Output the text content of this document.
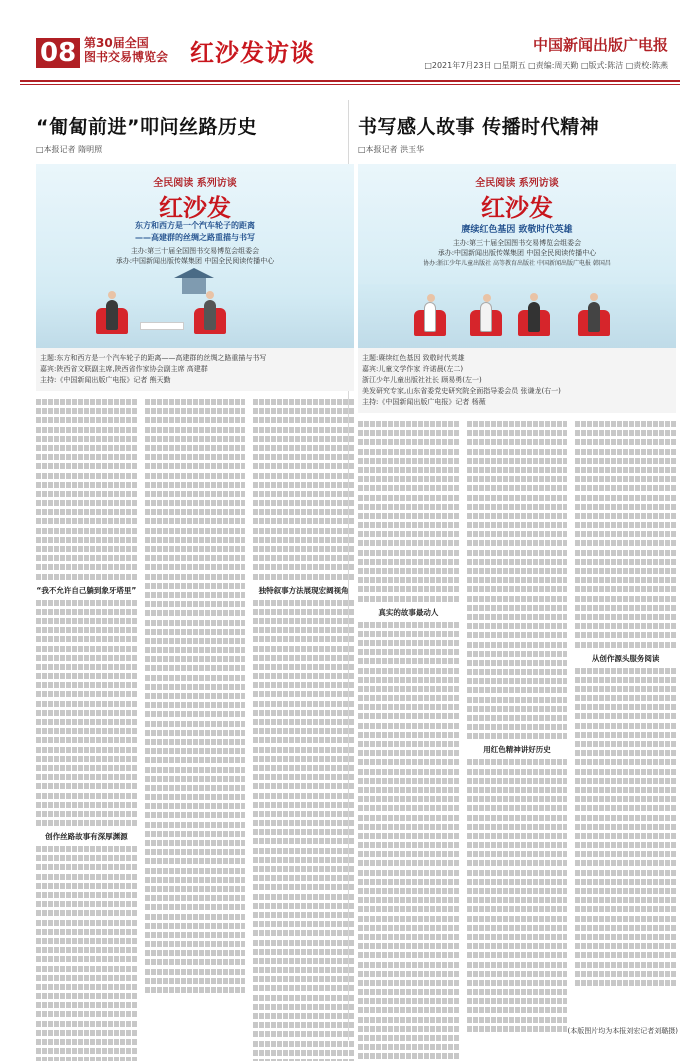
08 第30届全国
图书交易博览会 红沙发访谈	中国新闻出版广电报
□2021年7月23日 □星期五 □责编:周天勤 □版式:陈洁 □责校:陈燕
“匍匐前进”叩问丝路历史
□本报记者 隋明照
全民阅读 系列访谈
红沙发
东方和西方是一个汽车轮子的距离
——高建群的丝绸之路重描与书写
主办:第三十届全国图书交易博览会组委会
承办:中国新闻出版传媒集团 中国全民阅读传播中心
主题:东方和西方是一个汽车轮子的距离——高建群的丝绸之路重描与书写
嘉宾:陕西省文联副主席,陕西省作家协会副主席 高建群
主持:《中国新闻出版广电报》记者 熊天勤
“我不允许自己躺到象牙塔里”
创作丝路故事有深厚渊源
独特叙事方法展现宏阔视角
书写感人故事 传播时代精神
□本报记者 洪玉华
全民阅读 系列访谈
红沙发
赓续红色基因 致敬时代英雄
主办:第三十届全国图书交易博览会组委会
承办:中国新闻出版传媒集团 中国全民阅读传播中心
协办:浙江少年儿童出版社 高等教育出版社 中国新闻出版广电报 韩国昌
主题:赓续红色基因 致敬时代英雄
嘉宾:儿童文学作家 许诺晨(左二)
浙江少年儿童出版社社长 顾易勇(左一)
美发研究专家,山东省委党史研究院全面指导委会员 张谦龙(右一)
主持:《中国新闻出版广电报》记者 杨薇
真实的故事最动人
用红色精神讲好历史
从创作源头服务阅读
(本版图片均为本报刘宏记者刘璐摄)
